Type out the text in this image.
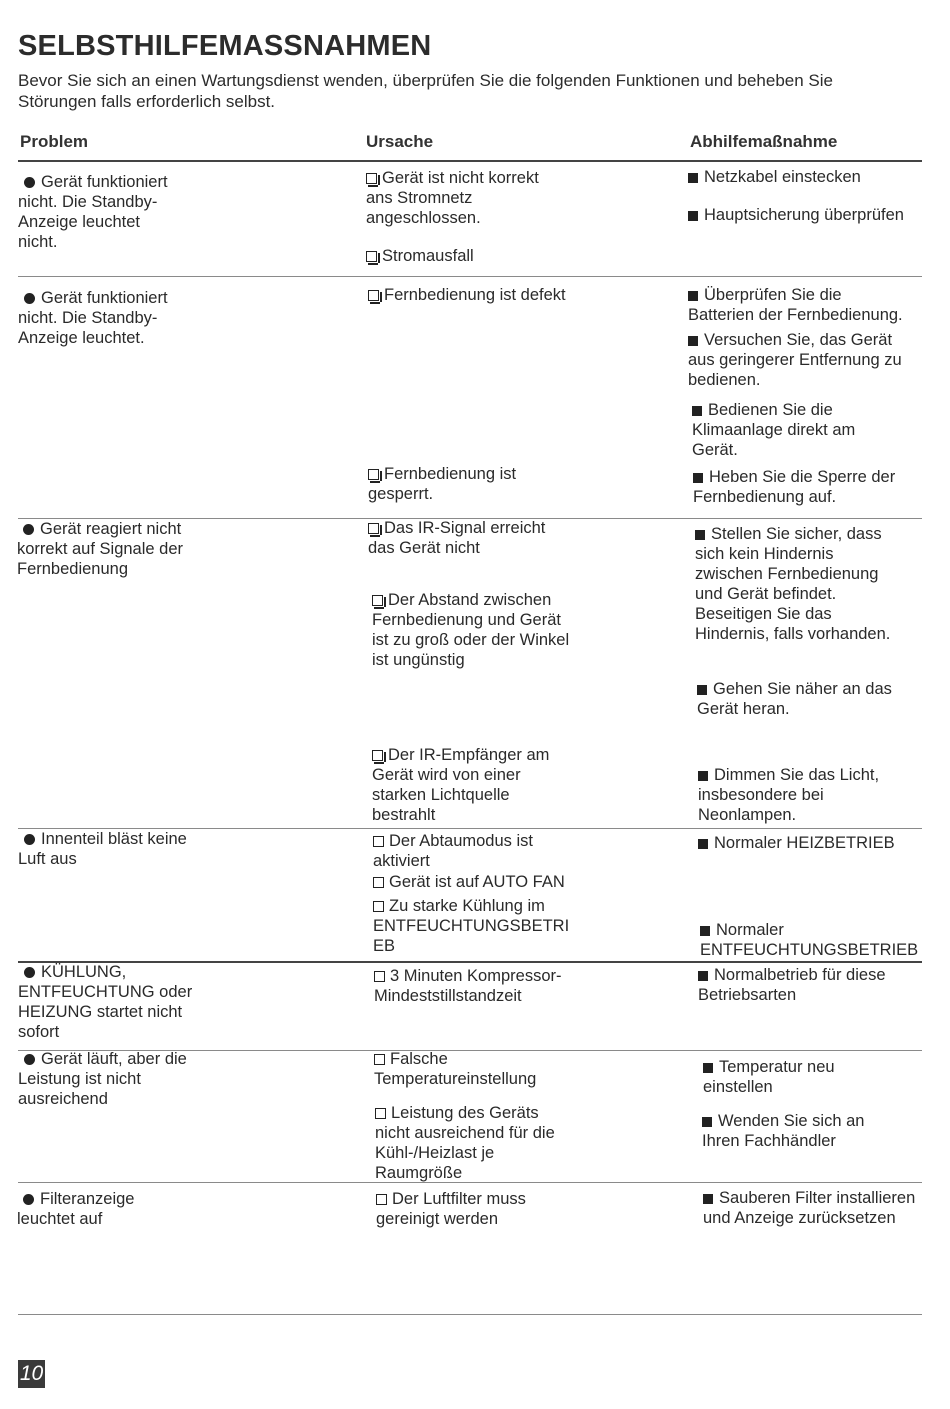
SELBSTHILFEMASSNAHMEN
Bevor Sie sich an einen Wartungsdienst wenden, überprüfen Sie die folgenden Funktionen und beheben Sie
Störungen falls erforderlich selbst.
Problem	Ursache	Abhilfemaßnahme
Gerät funktioniert
nicht. Die Standby-
Anzeige leuchtet
nicht.
Gerät ist nicht korrekt
ans Stromnetz
angeschlossen.
Stromausfall
Netzkabel einstecken
Hauptsicherung überprüfen
Gerät funktioniert
nicht. Die Standby-
Anzeige leuchtet.
Fernbedienung ist defekt
Fernbedienung ist
gesperrt.
Überprüfen Sie die
Batterien der Fernbedienung.
Versuchen Sie, das Gerät
aus geringerer Entfernung zu
bedienen.
Bedienen Sie die
Klimaanlage direkt am
Gerät.
Heben Sie die Sperre der
Fernbedienung auf.
Gerät reagiert nicht
korrekt auf Signale der
Fernbedienung
Das IR-Signal erreicht
das Gerät nicht
Der Abstand zwischen
Fernbedienung und Gerät
ist zu groß oder der Winkel
ist ungünstig
Der IR-Empfänger am
Gerät wird von einer
starken Lichtquelle
bestrahlt
Stellen Sie sicher, dass
sich kein Hindernis
zwischen Fernbedienung
und Gerät befindet.
Beseitigen Sie das
Hindernis, falls vorhanden.
Gehen Sie näher an das
Gerät heran.
Dimmen Sie das Licht,
insbesondere bei
Neonlampen.
Innenteil bläst keine
Luft aus
Der Abtaumodus ist
aktiviert
Gerät ist auf AUTO FAN
Zu starke Kühlung im
ENTFEUCHTUNGSBETRI
EB
Normaler HEIZBETRIEB
Normaler
ENTFEUCHTUNGSBETRIEB
KÜHLUNG,
ENTFEUCHTUNG oder
HEIZUNG startet nicht
sofort
3 Minuten Kompressor-
Mindeststillstandzeit
Normalbetrieb für diese
Betriebsarten
Gerät läuft, aber die
Leistung ist nicht
ausreichend
Falsche
Temperatureinstellung
Leistung des Geräts
nicht ausreichend für die
Kühl-/Heizlast je
Raumgröße
Temperatur neu
einstellen
Wenden Sie sich an
Ihren Fachhändler
Filteranzeige
leuchtet auf
Der Luftfilter muss
gereinigt werden
Sauberen Filter installieren
und Anzeige zurücksetzen
10
